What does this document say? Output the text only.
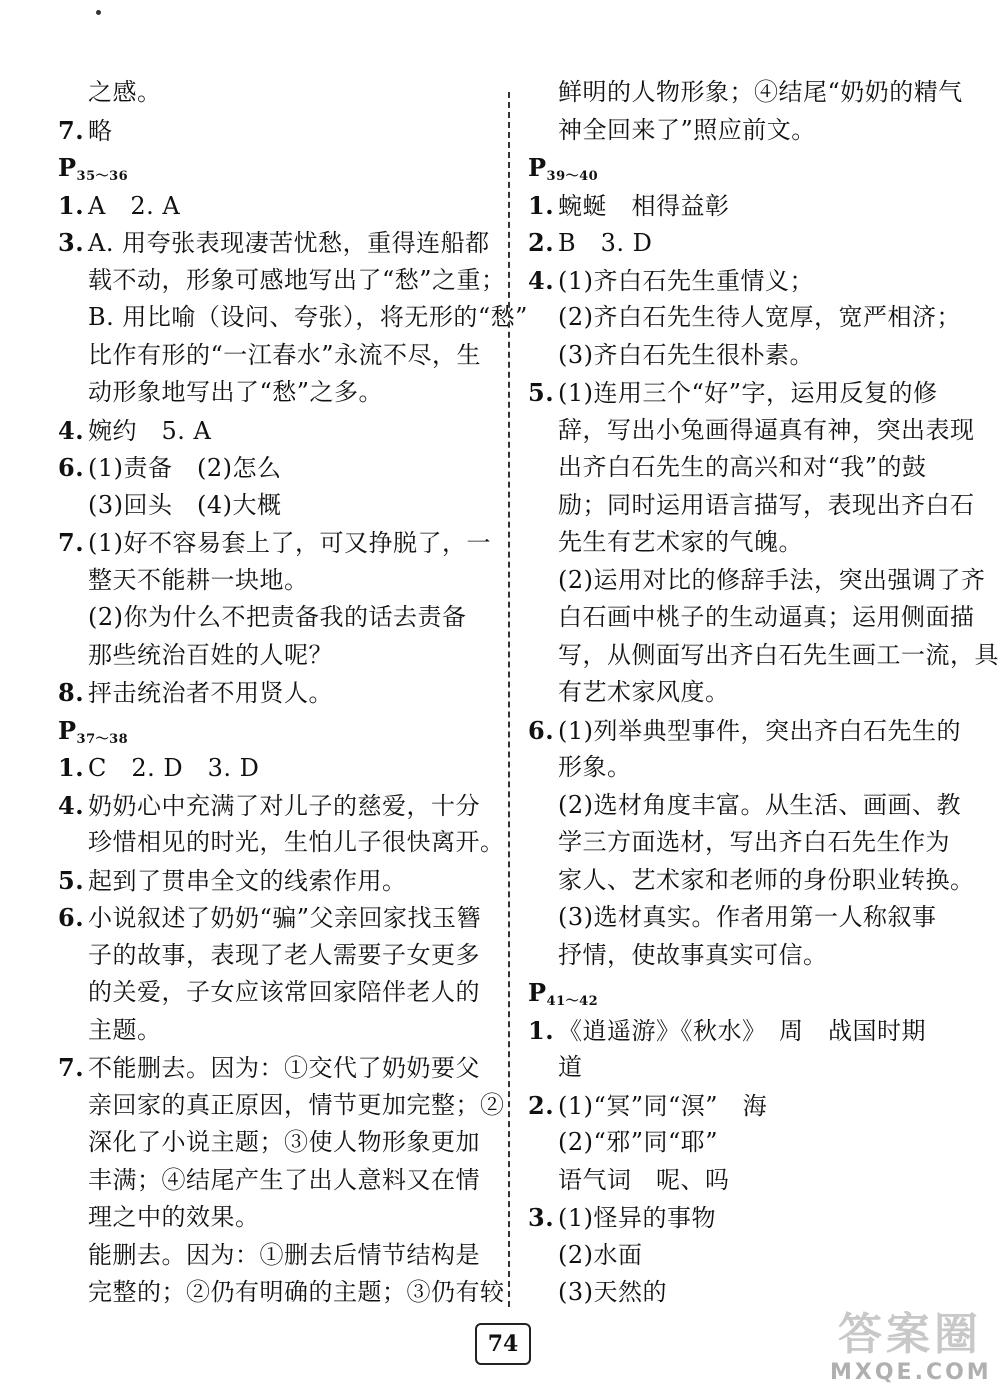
之感。
7. 略
$P_{35\sim 36}$
1. A　2. A
3. A. 用夸张表现凄苦忧愁，重得连船都
载不动，形象可感地写出了“愁”之重；
B. 用比喻（设问、夸张），将无形的“愁”
比作有形的“一江春水”永流不尽，生
动形象地写出了“愁”之多。
4. 婉约　5. A
6. (1)责备　(2)怎么
(3)回头　(4)大概
7. (1)好不容易套上了，可又挣脱了，一
整天不能耕一块地。
(2)你为什么不把责备我的话去责备
那些统治百姓的人呢？
8. 抨击统治者不用贤人。
$P_{37\sim 38}$
1. C　2. D　3. D
4. 奶奶心中充满了对儿子的慈爱，十分
珍惜相见的时光，生怕儿子很快离开。
5. 起到了贯串全文的线索作用。
6. 小说叙述了奶奶“骗”父亲回家找玉簪
子的故事，表现了老人需要子女更多
的关爱，子女应该常回家陪伴老人的
主题。
7. 不能删去。因为：①交代了奶奶要父
亲回家的真正原因，情节更加完整；②
深化了小说主题；③使人物形象更加
丰满；④结尾产生了出人意料又在情
理之中的效果。
能删去。因为：①删去后情节结构是
完整的；②仍有明确的主题；③仍有较
鲜明的人物形象；④结尾“奶奶的精气
神全回来了”照应前文。
$P_{39\sim 40}$
1. 蜿蜒　相得益彰
2. B　3. D
4. (1)齐白石先生重情义；
(2)齐白石先生待人宽厚，宽严相济；
(3)齐白石先生很朴素。
5. (1)连用三个“好”字，运用反复的修
辞，写出小兔画得逼真有神，突出表现
出齐白石先生的高兴和对“我”的鼓
励；同时运用语言描写，表现出齐白石
先生有艺术家的气魄。
(2)运用对比的修辞手法，突出强调了齐
白石画中桃子的生动逼真；运用侧面描
写，从侧面写出齐白石先生画工一流，具
有艺术家风度。
6. (1)列举典型事件，突出齐白石先生的
形象。
(2)选材角度丰富。从生活、画画、教
学三方面选材，写出齐白石先生作为
家人、艺术家和老师的身份职业转换。
(3)选材真实。作者用第一人称叙事
抒情，使故事真实可信。
$P_{41\sim 42}$
1. 《逍遥游》《秋水》　周　战国时期
道
2. (1)“冥”同“溟”　海
(2)“邪”同“耶”
语气词　呢、吗
3. (1)怪异的事物
(2)水面
(3)天然的
74	答案圈
MXQE.COM
